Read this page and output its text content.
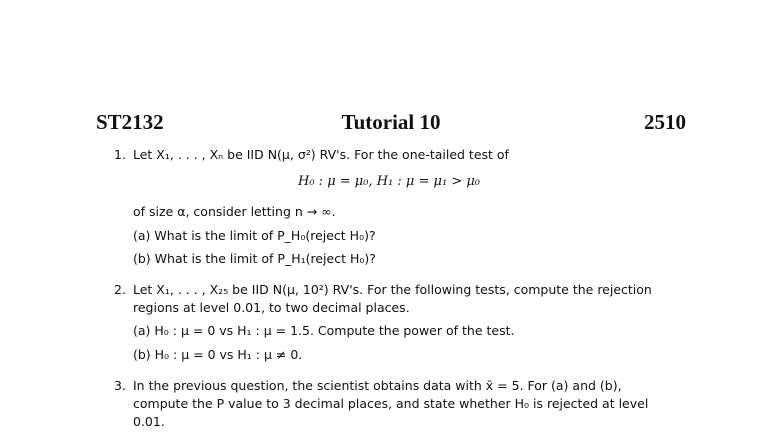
ST2132	Tutorial 10	2510
1. Let X₁, . . . , Xₙ be IID N(μ, σ²) RV's. For the one-tailed test of
H₀ : μ = μ₀, H₁ : μ = μ₁ > μ₀
of size α, consider letting n → ∞.
(a) What is the limit of P_H₀(reject H₀)?
(b) What is the limit of P_H₁(reject H₀)?
2. Let X₁, . . . , X₂₅ be IID N(μ, 10²) RV's. For the following tests, compute the rejection
regions at level 0.01, to two decimal places.
(a) H₀ : μ = 0 vs H₁ : μ = 1.5. Compute the power of the test.
(b) H₀ : μ = 0 vs H₁ : μ ≠ 0.
3. In the previous question, the scientist obtains data with x̄ = 5. For (a) and (b),
compute the P value to 3 decimal places, and state whether H₀ is rejected at level
0.01.
